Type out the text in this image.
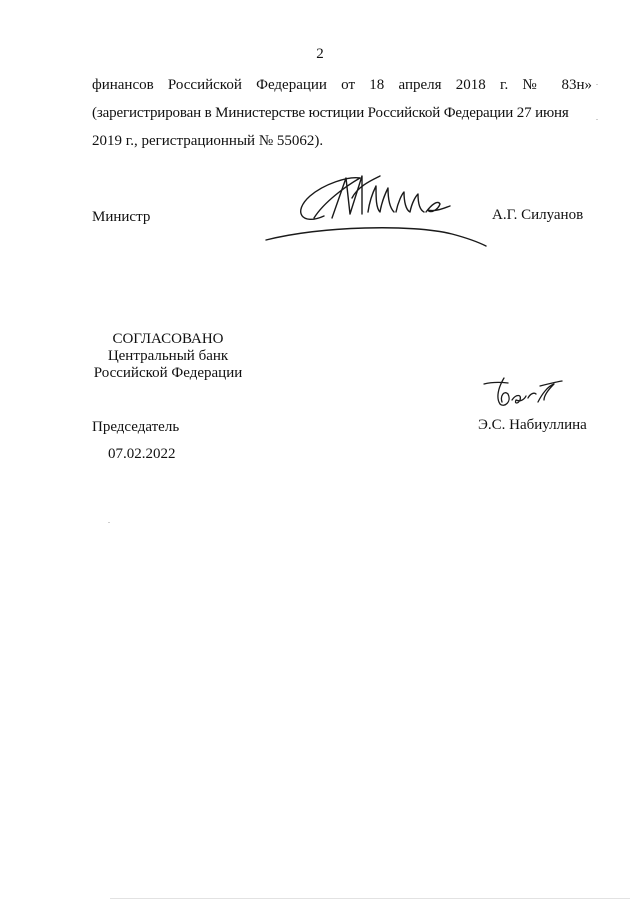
2
финансов Российской Федерации от 18 апреля 2018 г. № 83н»
(зарегистрирован в Министерстве юстиции Российской Федерации 27 июня
2019 г., регистрационный № 55062).
Министр	А.Г. Силуанов
СОГЛАСОВАНО
Центральный банк
Российской Федерации
Председатель	Э.С. Набиуллина
07.02.2022
